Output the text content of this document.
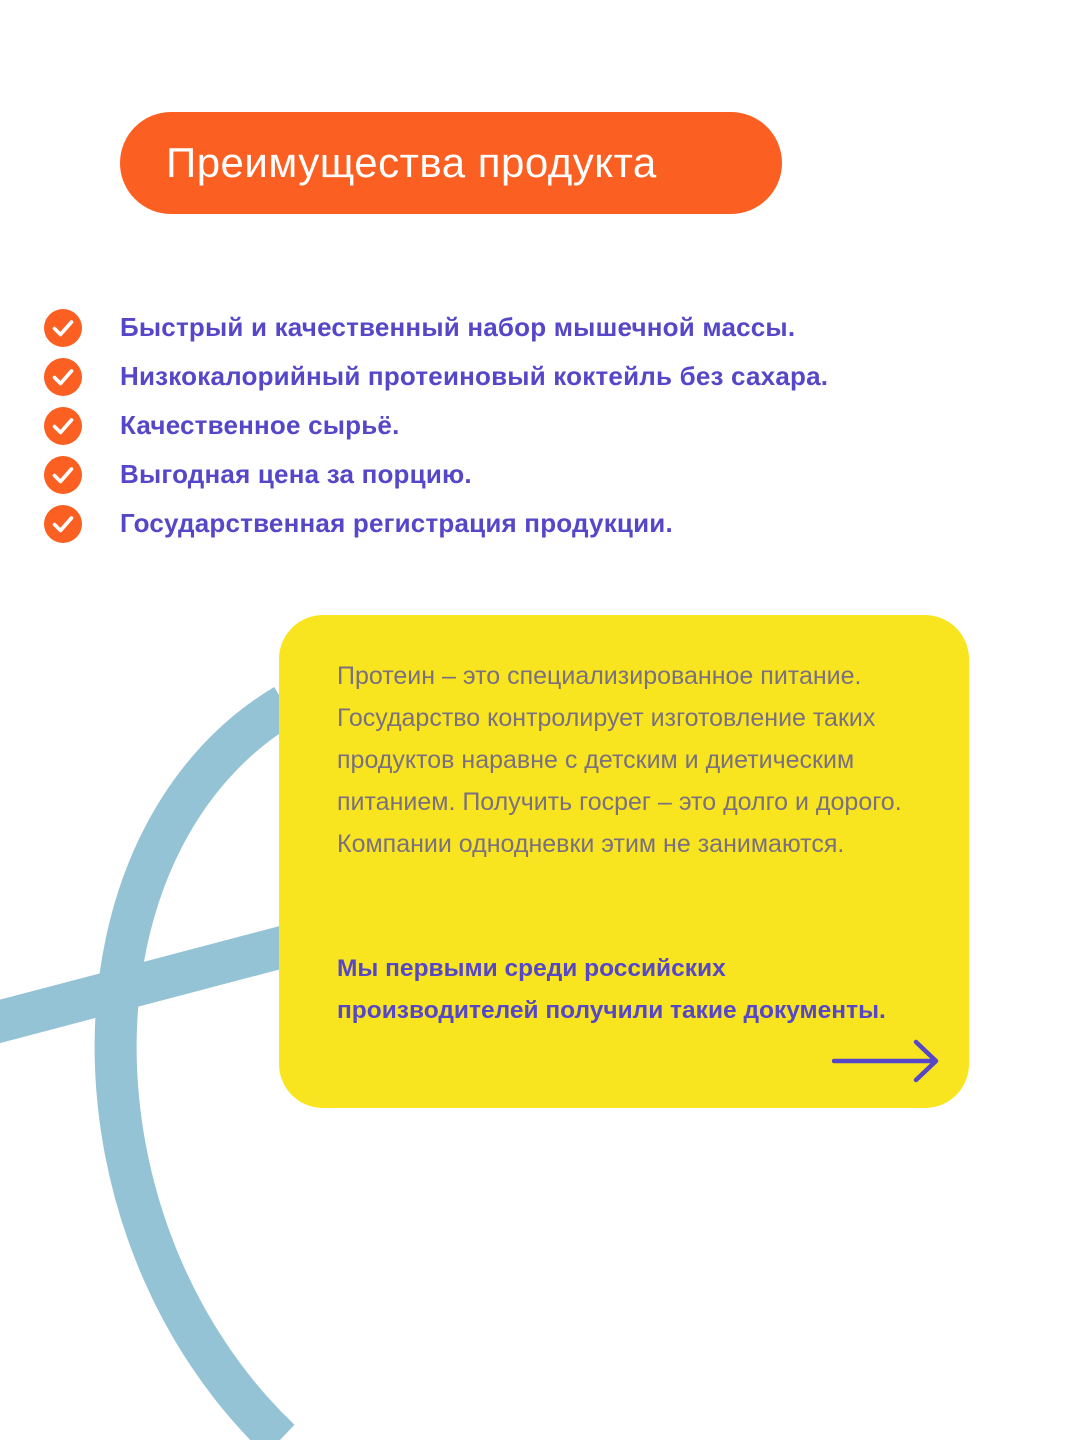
Преимущества продукта
Быстрый и качественный набор мышечной массы.
Низкокалорийный протеиновый коктейль без сахара.
Качественное сырьё.
Выгодная цена за порцию.
Государственная регистрация продукции.

Протеин – это специализированное питание. Государство контролирует изготовление таких продуктов наравне с детским и диетическим питанием. Получить госрег – это долго и дорого. Компании однодневки этим не занимаются.

Мы первыми среди российских производителей получили такие документы.
